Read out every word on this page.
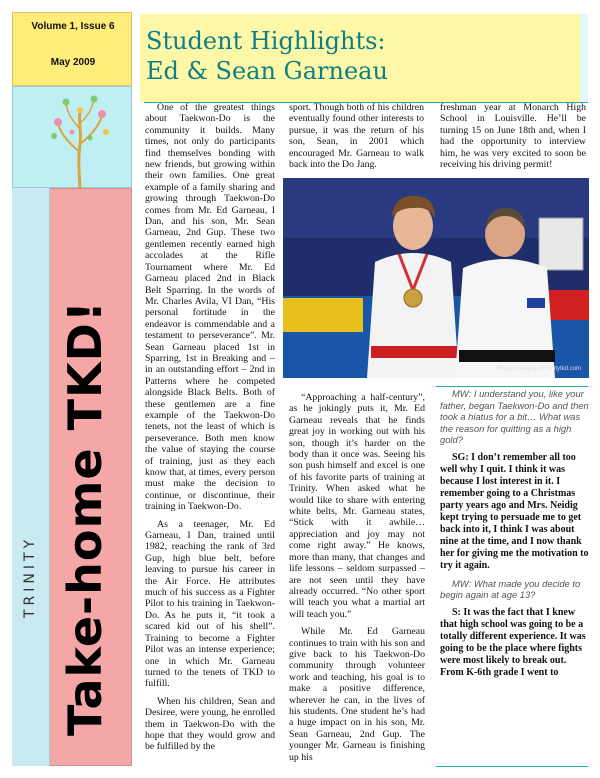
Volume 1, Issue 6
May 2009
TRINITY Take-home TKD!
Student Highlights:
Ed & Sean Garneau

One of the greatest things about Taekwon-Do is the community it builds. Many times, not only do participants find themselves bonding with new friends, but growing within their own families. One great example of a family sharing and growing through Taekwon-Do comes from Mr. Ed Garneau, I Dan, and his son, Mr. Sean Garneau, 2nd Gup. These two gentlemen recently earned high accolades at the Rifle Tournament where Mr. Ed Garneau placed 2nd in Black Belt Sparring. In the words of Mr. Charles Avila, VI Dan, “His personal fortitude in the endeavor is commendable and a testament to perseverance”. Mr. Sean Garneau placed 1st in Sparring, 1st in Breaking and – in an outstanding effort – 2nd in Patterns where he competed alongside Black Belts. Both of these gentlemen are a fine example of the Taekwon-Do tenets, not the least of which is perseverance. Both men know the value of staying the course of training, just as they each know that, at times, every person must make the decision to continue, or discontinue, their training in Taekwon-Do.

As a teenager, Mr. Ed Garneau, I Dan, trained until 1982, reaching the rank of 3rd Gup, high blue belt, before leaving to pursue his career in the Air Force. He attributes much of his success as a Fighter Pilot to his training in Taekwon-Do. As he puts it, “it took a scared kid out of his shell”. Training to become a Fighter Pilot was an intense experience; one in which Mr. Garneau turned to the tenets of TKD to fulfill.

When his children, Sean and Desiree, were young, he enrolled them in Taekwon-Do with the hope that they would grow and be fulfilled by the

sport. Though both of his children eventually found other interests to pursue, it was the return of his son, Sean, in 2001 which encouraged Mr. Garneau to walk back into the Do Jang.

freshman year at Monarch High School in Louisville. He’ll be turning 15 on June 18th and, when I had the opportunity to interview him, he was very excited to soon be receiving his driving permit!

Photo courtesy of trinitytkd.com

“Approaching a half-century”, as he jokingly puts it, Mr. Ed Garneau reveals that he finds great joy in working out with his son, though it’s harder on the body than it once was. Seeing his son push himself and excel is one of his favorite parts of training at Trinity. When asked what he would like to share with entering white belts, Mr. Garneau states, “Stick with it awhile… appreciation and joy may not come right away.” He knows, more than many, that changes and life lessons – seldom surpassed – are not seen until they have already occurred. “No other sport will teach you what a martial art will teach you.”

While Mr. Ed Garneau continues to train with his son and give back to his Taekwon-Do community through volunteer work and teaching, his goal is to make a positive difference, wherever he can, in the lives of his students. One student he’s had a huge impact on in his son, Mr. Sean Garneau, 2nd Gup. The younger Mr. Garneau is finishing up his

MW: I understand you, like your father, began Taekwon-Do and then took a hiatus for a bit… What was the reason for quitting as a high gold?

SG: I don’t remember all too well why I quit. I think it was because I lost interest in it. I remember going to a Christmas party years ago and Mrs. Neidig kept trying to persuade me to get back into it, I think I was about nine at the time, and I now thank her for giving me the motivation to try it again.

MW: What made you decide to begin again at age 13?

S: It was the fact that I knew that high school was going to be a totally different experience. It was going to be the place where fights were most likely to break out. From K-6th grade I went to
